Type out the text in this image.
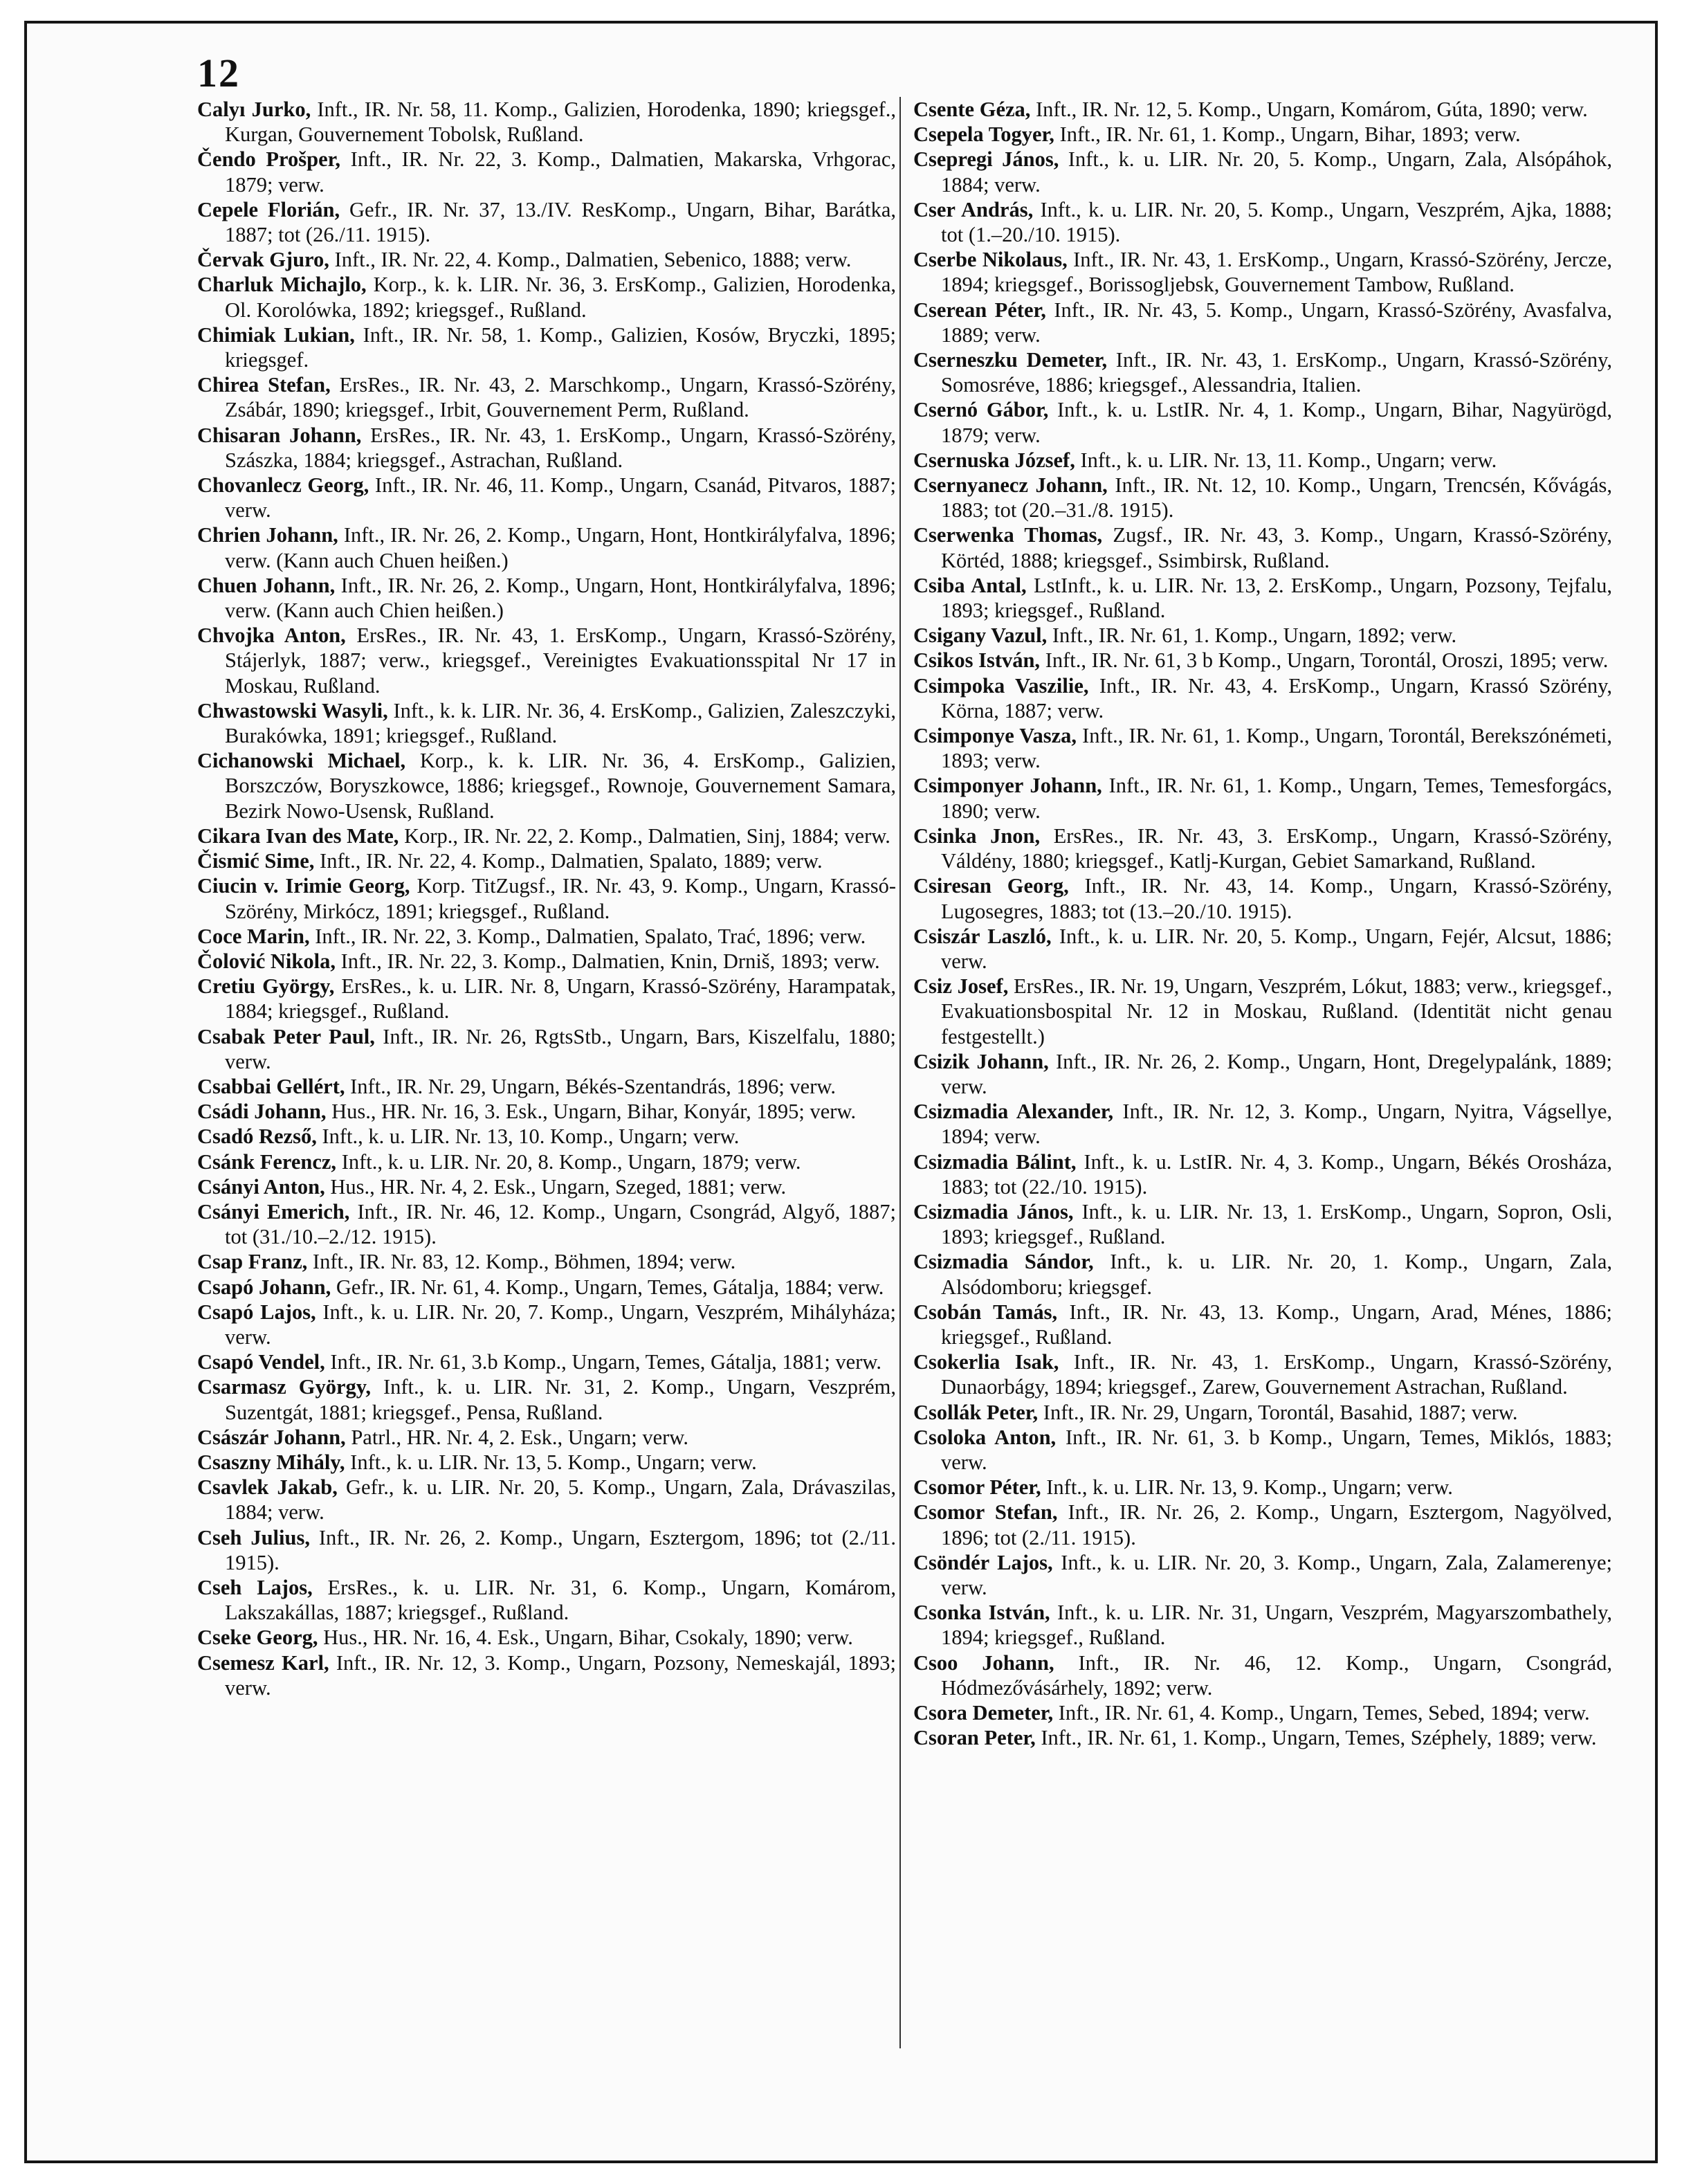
12

Calyı Jurko, Inft., IR. Nr. 58, 11. Komp., Galizien, Horodenka, 1890; kriegsgef., Kurgan, Gouvernement Tobolsk, Rußland.

Čendo Prošper, Inft., IR. Nr. 22, 3. Komp., Dalmatien, Makarska, Vrhgorac, 1879; verw.

Cepele Florián, Gefr., IR. Nr. 37, 13./IV. ResKomp., Ungarn, Bihar, Barátka, 1887; tot (26./11. 1915).

Červak Gjuro, Inft., IR. Nr. 22, 4. Komp., Dalmatien, Sebenico, 1888; verw.

Charluk Michajlo, Korp., k. k. LIR. Nr. 36, 3. ErsKomp., Galizien, Horodenka, Ol. Korolówka, 1892; kriegsgef., Rußland.

Chimiak Lukian, Inft., IR. Nr. 58, 1. Komp., Galizien, Kosów, Bryczki, 1895; kriegsgef.

Chirea Stefan, ErsRes., IR. Nr. 43, 2. Marschkomp., Ungarn, Krassó-Szörény, Zsábár, 1890; kriegsgef., Irbit, Gouvernement Perm, Rußland.

Chisaran Johann, ErsRes., IR. Nr. 43, 1. ErsKomp., Ungarn, Krassó-Szörény, Szászka, 1884; kriegsgef., Astrachan, Rußland.

Chovanlecz Georg, Inft., IR. Nr. 46, 11. Komp., Ungarn, Csanád, Pitvaros, 1887; verw.

Chrien Johann, Inft., IR. Nr. 26, 2. Komp., Ungarn, Hont, Hontkirályfalva, 1896; verw. (Kann auch Chuen heißen.)

Chuen Johann, Inft., IR. Nr. 26, 2. Komp., Ungarn, Hont, Hontkirályfalva, 1896; verw. (Kann auch Chien heißen.)

Chvojka Anton, ErsRes., IR. Nr. 43, 1. ErsKomp., Ungarn, Krassó-Szörény, Stájerlyk, 1887; verw., kriegsgef., Vereinigtes Evakuationsspital Nr 17 in Moskau, Rußland.

Chwastowski Wasyli, Inft., k. k. LIR. Nr. 36, 4. ErsKomp., Galizien, Zaleszczyki, Burakówka, 1891; kriegsgef., Rußland.

Cichanowski Michael, Korp., k. k. LIR. Nr. 36, 4. ErsKomp., Galizien, Borszczów, Boryszkowce, 1886; kriegsgef., Rownoje, Gouvernement Samara, Bezirk Nowo-Usensk, Rußland.

Cikara Ivan des Mate, Korp., IR. Nr. 22, 2. Komp., Dalmatien, Sinj, 1884; verw.

Čismić Sime, Inft., IR. Nr. 22, 4. Komp., Dalmatien, Spalato, 1889; verw.

Ciucin v. Irimie Georg, Korp. TitZugsf., IR. Nr. 43, 9. Komp., Ungarn, Krassó-Szörény, Mirkócz, 1891; kriegsgef., Rußland.

Coce Marin, Inft., IR. Nr. 22, 3. Komp., Dalmatien, Spalato, Trać, 1896; verw.

Čolović Nikola, Inft., IR. Nr. 22, 3. Komp., Dalmatien, Knin, Drniš, 1893; verw.

Cretiu György, ErsRes., k. u. LIR. Nr. 8, Ungarn, Krassó-Szörény, Harampatak, 1884; kriegsgef., Rußland.

Csabak Peter Paul, Inft., IR. Nr. 26, RgtsStb., Ungarn, Bars, Kiszelfalu, 1880; verw.

Csabbai Gellért, Inft., IR. Nr. 29, Ungarn, Békés-Szentandrás, 1896; verw.

Csádi Johann, Hus., HR. Nr. 16, 3. Esk., Ungarn, Bihar, Konyár, 1895; verw.

Csadó Rezső, Inft., k. u. LIR. Nr. 13, 10. Komp., Ungarn; verw.

Csánk Ferencz, Inft., k. u. LIR. Nr. 20, 8. Komp., Ungarn, 1879; verw.

Csányi Anton, Hus., HR. Nr. 4, 2. Esk., Ungarn, Szeged, 1881; verw.

Csányi Emerich, Inft., IR. Nr. 46, 12. Komp., Ungarn, Csongrád, Algyő, 1887; tot (31./10.–2./12. 1915).

Csap Franz, Inft., IR. Nr. 83, 12. Komp., Böhmen, 1894; verw.

Csapó Johann, Gefr., IR. Nr. 61, 4. Komp., Ungarn, Temes, Gátalja, 1884; verw.

Csapó Lajos, Inft., k. u. LIR. Nr. 20, 7. Komp., Ungarn, Veszprém, Mihályháza; verw.

Csapó Vendel, Inft., IR. Nr. 61, 3.b Komp., Ungarn, Temes, Gátalja, 1881; verw.

Csarmasz György, Inft., k. u. LIR. Nr. 31, 2. Komp., Ungarn, Veszprém, Suzentgát, 1881; kriegsgef., Pensa, Rußland.

Császár Johann, Patrl., HR. Nr. 4, 2. Esk., Ungarn; verw.

Csaszny Mihály, Inft., k. u. LIR. Nr. 13, 5. Komp., Ungarn; verw.

Csavlek Jakab, Gefr., k. u. LIR. Nr. 20, 5. Komp., Ungarn, Zala, Drávaszilas, 1884; verw.

Cseh Julius, Inft., IR. Nr. 26, 2. Komp., Ungarn, Esztergom, 1896; tot (2./11. 1915).

Cseh Lajos, ErsRes., k. u. LIR. Nr. 31, 6. Komp., Ungarn, Komárom, Lakszakállas, 1887; kriegsgef., Rußland.

Cseke Georg, Hus., HR. Nr. 16, 4. Esk., Ungarn, Bihar, Csokaly, 1890; verw.

Csemesz Karl, Inft., IR. Nr. 12, 3. Komp., Ungarn, Pozsony, Nemeskajál, 1893; verw.

Csente Géza, Inft., IR. Nr. 12, 5. Komp., Ungarn, Komárom, Gúta, 1890; verw.

Csepela Togyer, Inft., IR. Nr. 61, 1. Komp., Ungarn, Bihar, 1893; verw.

Csepregi János, Inft., k. u. LIR. Nr. 20, 5. Komp., Ungarn, Zala, Alsópáhok, 1884; verw.

Cser András, Inft., k. u. LIR. Nr. 20, 5. Komp., Ungarn, Veszprém, Ajka, 1888; tot (1.–20./10. 1915).

Cserbe Nikolaus, Inft., IR. Nr. 43, 1. ErsKomp., Ungarn, Krassó-Szörény, Jercze, 1894; kriegsgef., Borissogljebsk, Gouvernement Tambow, Rußland.

Cserean Péter, Inft., IR. Nr. 43, 5. Komp., Ungarn, Krassó-Szörény, Avasfalva, 1889; verw.

Cserneszku Demeter, Inft., IR. Nr. 43, 1. ErsKomp., Ungarn, Krassó-Szörény, Somosréve, 1886; kriegsgef., Alessandria, Italien.

Csernó Gábor, Inft., k. u. LstIR. Nr. 4, 1. Komp., Ungarn, Bihar, Nagyürögd, 1879; verw.

Csernuska József, Inft., k. u. LIR. Nr. 13, 11. Komp., Ungarn; verw.

Csernyanecz Johann, Inft., IR. Nt. 12, 10. Komp., Ungarn, Trencsén, Kővágás, 1883; tot (20.–31./8. 1915).

Cserwenka Thomas, Zugsf., IR. Nr. 43, 3. Komp., Ungarn, Krassó-Szörény, Körtéd, 1888; kriegsgef., Ssimbirsk, Rußland.

Csiba Antal, LstInft., k. u. LIR. Nr. 13, 2. ErsKomp., Ungarn, Pozsony, Tejfalu, 1893; kriegsgef., Rußland.

Csigany Vazul, Inft., IR. Nr. 61, 1. Komp., Ungarn, 1892; verw.

Csikos István, Inft., IR. Nr. 61, 3 b Komp., Ungarn, Torontál, Oroszi, 1895; verw.

Csimpoka Vaszilie, Inft., IR. Nr. 43, 4. ErsKomp., Ungarn, Krassó Szörény, Körna, 1887; verw.

Csimponye Vasza, Inft., IR. Nr. 61, 1. Komp., Ungarn, Torontál, Berekszónémeti, 1893; verw.

Csimponyer Johann, Inft., IR. Nr. 61, 1. Komp., Ungarn, Temes, Temesforgács, 1890; verw.

Csinka Jnon, ErsRes., IR. Nr. 43, 3. ErsKomp., Ungarn, Krassó-Szörény, Váldény, 1880; kriegsgef., Katlj-Kurgan, Gebiet Samarkand, Rußland.

Csiresan Georg, Inft., IR. Nr. 43, 14. Komp., Ungarn, Krassó-Szörény, Lugosegres, 1883; tot (13.–20./10. 1915).

Csiszár Laszló, Inft., k. u. LIR. Nr. 20, 5. Komp., Ungarn, Fejér, Alcsut, 1886; verw.

Csiz Josef, ErsRes., IR. Nr. 19, Ungarn, Veszprém, Lókut, 1883; verw., kriegsgef., Evakuationsbospital Nr. 12 in Moskau, Rußland. (Identität nicht genau festgestellt.)

Csizik Johann, Inft., IR. Nr. 26, 2. Komp., Ungarn, Hont, Dregelypalánk, 1889; verw.

Csizmadia Alexander, Inft., IR. Nr. 12, 3. Komp., Ungarn, Nyitra, Vágsellye, 1894; verw.

Csizmadia Bálint, Inft., k. u. LstIR. Nr. 4, 3. Komp., Ungarn, Békés Orosháza, 1883; tot (22./10. 1915).

Csizmadia János, Inft., k. u. LIR. Nr. 13, 1. ErsKomp., Ungarn, Sopron, Osli, 1893; kriegsgef., Rußland.

Csizmadia Sándor, Inft., k. u. LIR. Nr. 20, 1. Komp., Ungarn, Zala, Alsódomboru; kriegsgef.

Csobán Tamás, Inft., IR. Nr. 43, 13. Komp., Ungarn, Arad, Ménes, 1886; kriegsgef., Rußland.

Csokerlia Isak, Inft., IR. Nr. 43, 1. ErsKomp., Ungarn, Krassó-Szörény, Dunaorbágy, 1894; kriegsgef., Zarew, Gouvernement Astrachan, Rußland.

Csollák Peter, Inft., IR. Nr. 29, Ungarn, Torontál, Basahid, 1887; verw.

Csoloka Anton, Inft., IR. Nr. 61, 3. b Komp., Ungarn, Temes, Miklós, 1883; verw.

Csomor Péter, Inft., k. u. LIR. Nr. 13, 9. Komp., Ungarn; verw.

Csomor Stefan, Inft., IR. Nr. 26, 2. Komp., Ungarn, Esztergom, Nagyölved, 1896; tot (2./11. 1915).

Csöndér Lajos, Inft., k. u. LIR. Nr. 20, 3. Komp., Ungarn, Zala, Zalamerenye; verw.

Csonka István, Inft., k. u. LIR. Nr. 31, Ungarn, Veszprém, Magyarszombathely, 1894; kriegsgef., Rußland.

Csoo Johann, Inft., IR. Nr. 46, 12. Komp., Ungarn, Csongrád, Hódmezővásárhely, 1892; verw.

Csora Demeter, Inft., IR. Nr. 61, 4. Komp., Ungarn, Temes, Sebed, 1894; verw.

Csoran Peter, Inft., IR. Nr. 61, 1. Komp., Ungarn, Temes, Széphely, 1889; verw.
